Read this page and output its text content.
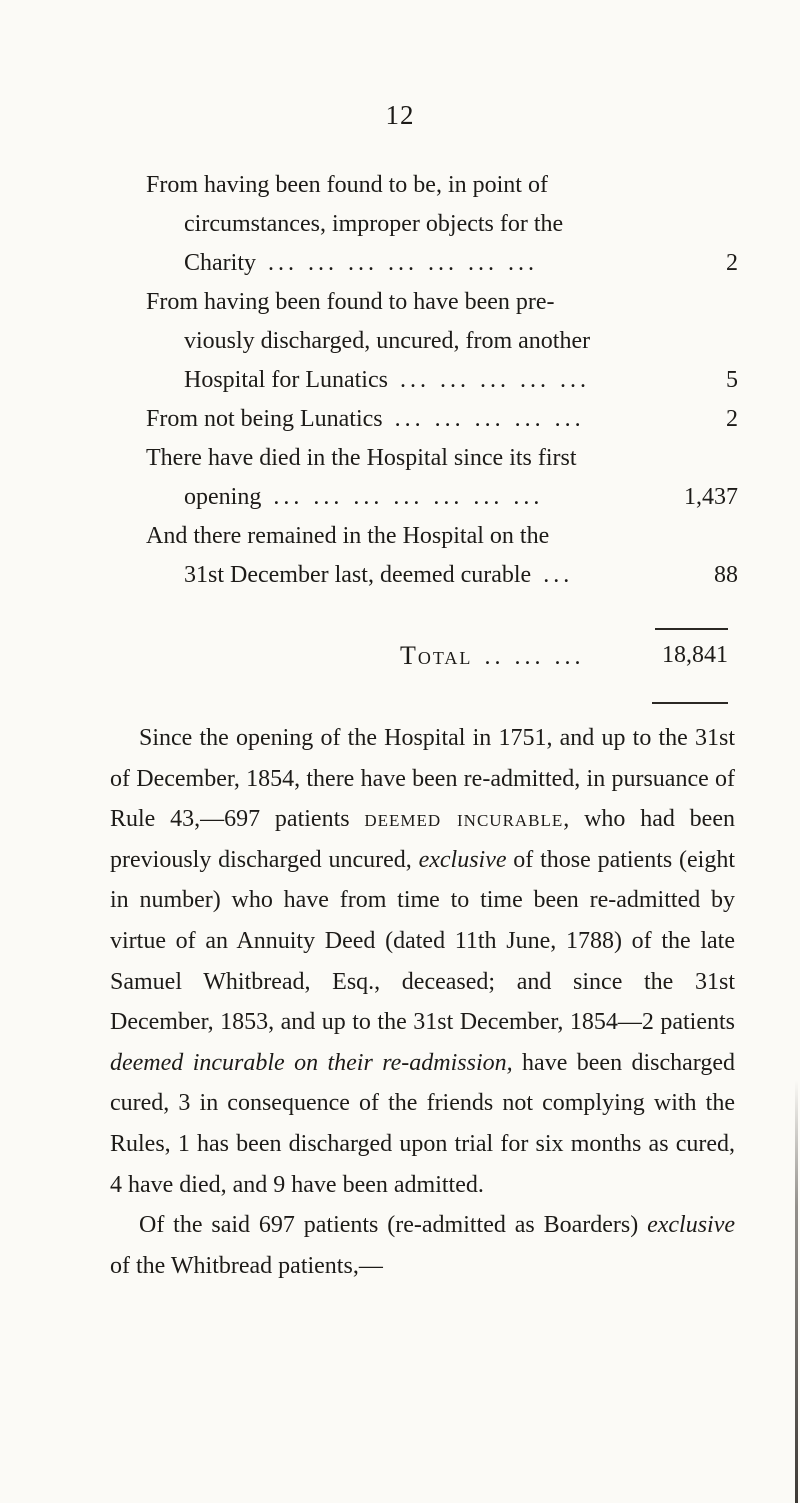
12
From having been found to be, in point of
circumstances, improper objects for the
Charity ... ... ... ... ... ... ...	2
From having been found to have been pre-
viously discharged, uncured, from another
Hospital for Lunatics ... ... ... ... ...	5
From not being Lunatics ... ... ... ... ...	2
There have died in the Hospital since its first
opening ... ... ... ... ... ... ...	1,437
And there remained in the Hospital on the
31st December last, deemed curable ...	88
Total .. ... ...	18,841

Since the opening of the Hospital in 1751, and up to the 31st of December, 1854, there have been re-admitted, in pursuance of Rule 43,—697 patients deemed incurable, who had been previously discharged uncured, exclusive of those patients (eight in number) who have from time to time been re-admitted by virtue of an Annuity Deed (dated 11th June, 1788) of the late Samuel Whitbread, Esq., deceased; and since the 31st December, 1853, and up to the 31st December, 1854—2 patients deemed incurable on their re-admission, have been discharged cured, 3 in consequence of the friends not complying with the Rules, 1 has been discharged upon trial for six months as cured, 4 have died, and 9 have been admitted.

Of the said 697 patients (re-admitted as Boarders) exclusive of the Whitbread patients,—
